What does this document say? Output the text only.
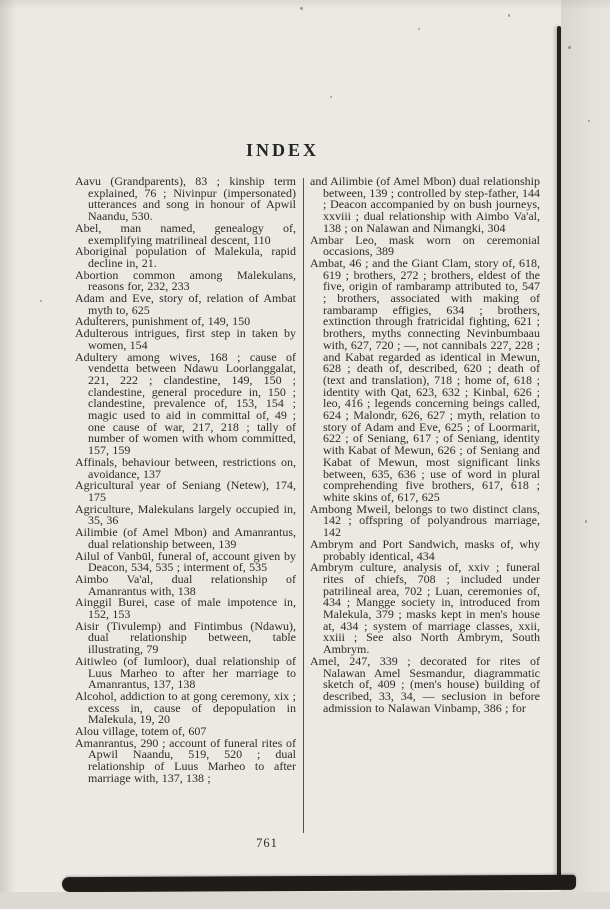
INDEX

Aavu (Grandparents), 83 ; kinship term explained, 76 ; Nivinpur (impersonated) utterances and song in honour of Apwil Naandu, 530.

Abel, man named, genealogy of, exemplifying matrilineal descent, 110

Aboriginal population of Malekula, rapid decline in, 21.

Abortion common among Malekulans, reasons for, 232, 233

Adam and Eve, story of, relation of Ambat myth to, 625

Adulterers, punishment of, 149, 150

Adulterous intrigues, first step in taken by women, 154

Adultery among wives, 168 ; cause of vendetta between Ndawu Loorlanggalat, 221, 222 ; clandestine, 149, 150 ; clandestine, general procedure in, 150 ; clandestine, prevalence of, 153, 154 ; magic used to aid in committal of, 49 ; one cause of war, 217, 218 ; tally of number of women with whom committed, 157, 159

Affinals, behaviour between, restrictions on, avoidance, 137

Agricultural year of Seniang (Netew), 174, 175

Agriculture, Malekulans largely occupied in, 35, 36

Ailimbie (of Amel Mbon) and Amanrantus, dual relationship between, 139

Ailul of Vanbūl, funeral of, account given by Deacon, 534, 535 ; interment of, 535

Aimbo Va'al, dual relationship of Amanrantus with, 138

Ainggil Burei, case of male impotence in, 152, 153

Aisir (Tivulemp) and Fintimbus (Ndawu), dual relationship between, table illustrating, 79

Aitiwleo (of Iumloor), dual relationship of Luus Marheo to after her marriage to Amanrantus, 137, 138

Alcohol, addiction to at gong ceremony, xix ; excess in, cause of depopulation in Malekula, 19, 20

Alou village, totem of, 607

Amanrantus, 290 ; account of funeral rites of Apwil Naandu, 519, 520 ; dual relationship of Luus Marheo to after marriage with, 137, 138 ;

and Ailimbie (of Amel Mbon) dual relationship between, 139 ; controlled by step-father, 144 ; Deacon accompanied by on bush journeys, xxviii ; dual relationship with Aimbo Va'al, 138 ; on Nalawan and Nimangki, 304

Ambar Leo, mask worn on ceremonial occasions, 389

Ambat, 46 ; and the Giant Clam, story of, 618, 619 ; brothers, 272 ; brothers, eldest of the five, origin of rambaramp attributed to, 547 ; brothers, associated with making of rambaramp effigies, 634 ; brothers, extinction through fratricidal fighting, 621 ; brothers, myths connecting Nevinbumbaau with, 627, 720 ; —, not cannibals 227, 228 ; and Kabat regarded as identical in Mewun, 628 ; death of, described, 620 ; death of (text and translation), 718 ; home of, 618 ; identity with Qat, 623, 632 ; Kinbal, 626 ; leo, 416 ; legends concerning beings called, 624 ; Malondr, 626, 627 ; myth, relation to story of Adam and Eve, 625 ; of Loormarit, 622 ; of Seniang, 617 ; of Seniang, identity with Kabat of Mewun, 626 ; of Seniang and Kabat of Mewun, most significant links between, 635, 636 ; use of word in plural comprehending five brothers, 617, 618 ; white skins of, 617, 625

Ambong Mweil, belongs to two distinct clans, 142 ; offspring of polyandrous marriage, 142

Ambrym and Port Sandwich, masks of, why probably identical, 434

Ambrym culture, analysis of, xxiv ; funeral rites of chiefs, 708 ; included under patrilineal area, 702 ; Luan, ceremonies of, 434 ; Mangge society in, introduced from Malekula, 379 ; masks kept in men's house at, 434 ; system of marriage classes, xxii, xxiii ; See also North Ambrym, South Ambrym.

Amel, 247, 339 ; decorated for rites of Nalawan Amel Sesmandur, diagrammatic sketch of, 409 ; (men's house) building of described, 33, 34, — seclusion in before admission to Nalawan Vinbamp, 386 ; for

761
